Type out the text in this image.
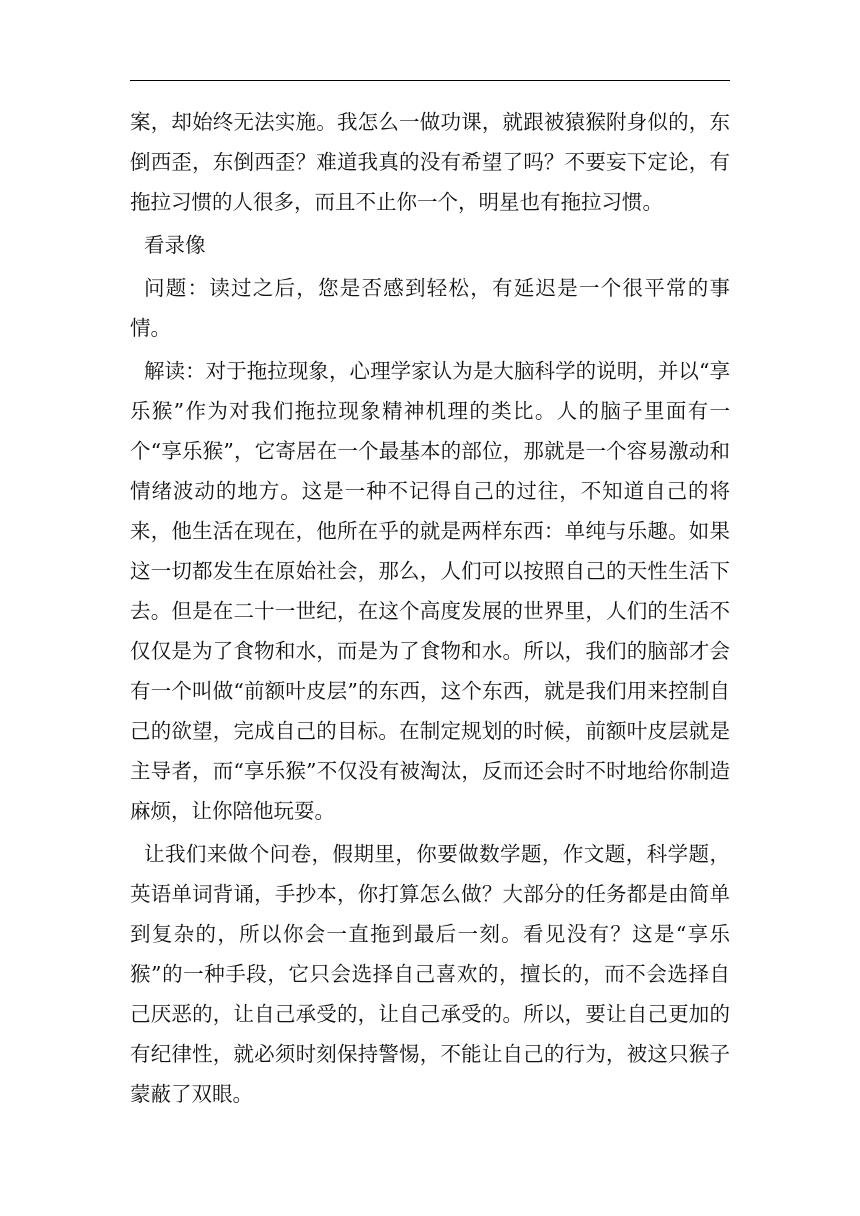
案，却始终无法实施。我怎么一做功课，就跟被猿猴附身似的，东倒西歪，东倒西歪？难道我真的没有希望了吗？不要妄下定论，有拖拉习惯的人很多，而且不止你一个，明星也有拖拉习惯。

看录像

问题：读过之后，您是否感到轻松，有延迟是一个很平常的事情。

解读：对于拖拉现象，心理学家认为是大脑科学的说明，并以“享乐猴”作为对我们拖拉现象精神机理的类比。人的脑子里面有一个“享乐猴”，它寄居在一个最基本的部位，那就是一个容易激动和情绪波动的地方。这是一种不记得自己的过往，不知道自己的将来，他生活在现在，他所在乎的就是两样东西：单纯与乐趣。如果这一切都发生在原始社会，那么，人们可以按照自己的天性生活下去。但是在二十一世纪，在这个高度发展的世界里，人们的生活不仅仅是为了食物和水，而是为了食物和水。所以，我们的脑部才会有一个叫做“前额叶皮层”的东西，这个东西，就是我们用来控制自己的欲望，完成自己的目标。在制定规划的时候，前额叶皮层就是主导者，而“享乐猴”不仅没有被淘汰，反而还会时不时地给你制造麻烦，让你陪他玩耍。

让我们来做个问卷，假期里，你要做数学题，作文题，科学题，英语单词背诵，手抄本，你打算怎么做？大部分的任务都是由简单到复杂的，所以你会一直拖到最后一刻。看见没有？这是“享乐猴”的一种手段，它只会选择自己喜欢的，擅长的，而不会选择自己厌恶的，让自己承受的，让自己承受的。所以，要让自己更加的有纪律性，就必须时刻保持警惕，不能让自己的行为，被这只猴子蒙蔽了双眼。
